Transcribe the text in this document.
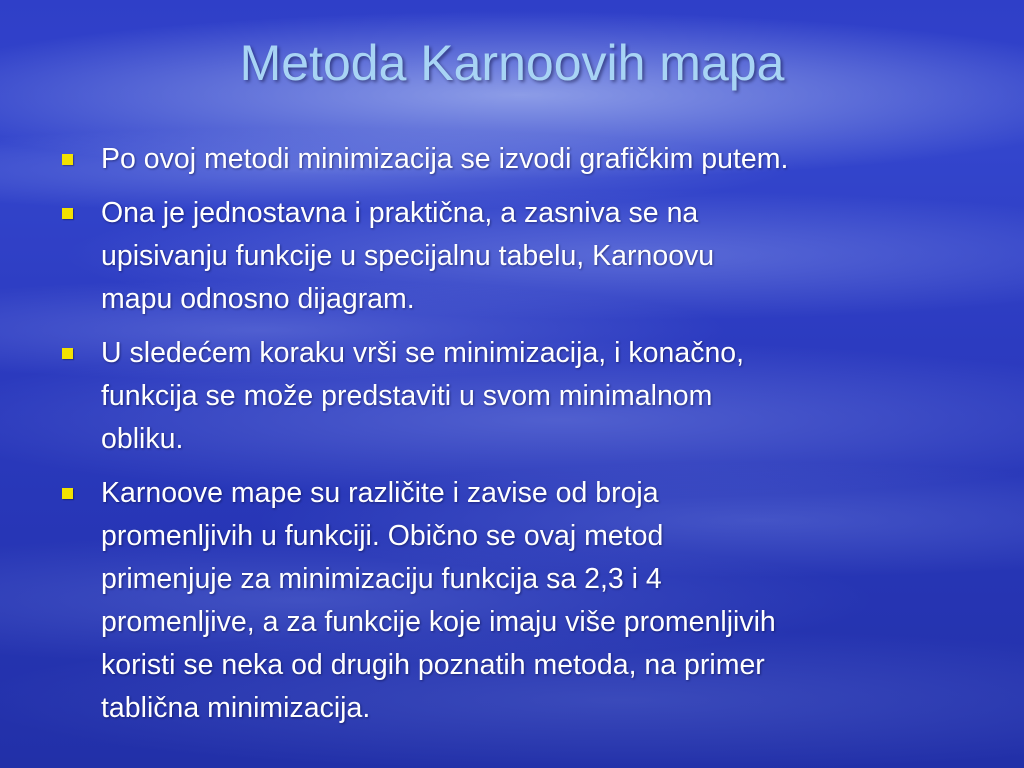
Metoda Karnoovih mapa
Po ovoj metodi minimizacija se izvodi grafičkim putem.
Ona je jednostavna i praktična, a zasniva se na
upisivanju funkcije u specijalnu tabelu, Karnoovu
mapu odnosno dijagram.
U sledećem koraku vrši se minimizacija, i konačno,
funkcija se može predstaviti u svom minimalnom
obliku.
Karnoove mape su različite i zavise od broja
promenljivih u funkciji. Obično se ovaj metod
primenjuje za minimizaciju funkcija sa 2,3 i 4
promenljive, a za funkcije koje imaju više promenljivih
koristi se neka od drugih poznatih metoda, na primer
tablična minimizacija.
